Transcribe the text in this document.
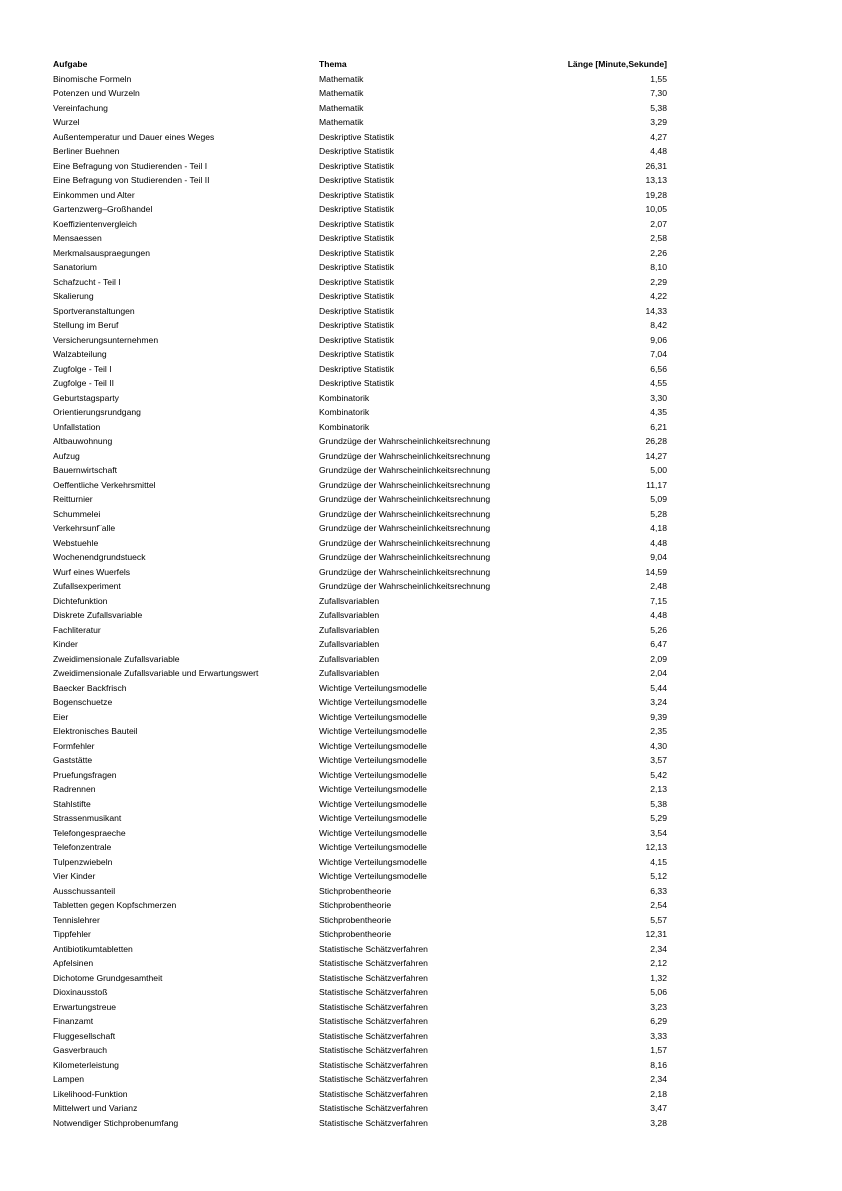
Aufgabe	Thema	Länge [Minute,Sekunde]
Binomische Formeln	Mathematik	1,55
Potenzen und Wurzeln	Mathematik	7,30
Vereinfachung	Mathematik	5,38
Wurzel	Mathematik	3,29
Außentemperatur und Dauer eines Weges	Deskriptive Statistik	4,27
Berliner Buehnen	Deskriptive Statistik	4,48
Eine Befragung von Studierenden - Teil I	Deskriptive Statistik	26,31
Eine Befragung von Studierenden - Teil II	Deskriptive Statistik	13,13
Einkommen und Alter	Deskriptive Statistik	19,28
Gartenzwerg–Großhandel	Deskriptive Statistik	10,05
Koeffizientenvergleich	Deskriptive Statistik	2,07
Mensaessen	Deskriptive Statistik	2,58
Merkmalsauspraegungen	Deskriptive Statistik	2,26
Sanatorium	Deskriptive Statistik	8,10
Schafzucht - Teil I	Deskriptive Statistik	2,29
Skalierung	Deskriptive Statistik	4,22
Sportveranstaltungen	Deskriptive Statistik	14,33
Stellung im Beruf	Deskriptive Statistik	8,42
Versicherungsunternehmen	Deskriptive Statistik	9,06
Walzabteilung	Deskriptive Statistik	7,04
Zugfolge - Teil I	Deskriptive Statistik	6,56
Zugfolge - Teil II	Deskriptive Statistik	4,55
Geburtstagsparty	Kombinatorik	3,30
Orientierungsrundgang	Kombinatorik	4,35
Unfallstation	Kombinatorik	6,21
Altbauwohnung	Grundzüge der Wahrscheinlichkeitsrechnung	26,28
Aufzug	Grundzüge der Wahrscheinlichkeitsrechnung	14,27
Bauernwirtschaft	Grundzüge der Wahrscheinlichkeitsrechnung	5,00
Oeffentliche Verkehrsmittel	Grundzüge der Wahrscheinlichkeitsrechnung	11,17
Reitturnier	Grundzüge der Wahrscheinlichkeitsrechnung	5,09
Schummelei	Grundzüge der Wahrscheinlichkeitsrechnung	5,28
Verkehrsunf¨alle	Grundzüge der Wahrscheinlichkeitsrechnung	4,18
Webstuehle	Grundzüge der Wahrscheinlichkeitsrechnung	4,48
Wochenendgrundstueck	Grundzüge der Wahrscheinlichkeitsrechnung	9,04
Wurf eines Wuerfels	Grundzüge der Wahrscheinlichkeitsrechnung	14,59
Zufallsexperiment	Grundzüge der Wahrscheinlichkeitsrechnung	2,48
Dichtefunktion	Zufallsvariablen	7,15
Diskrete Zufallsvariable	Zufallsvariablen	4,48
Fachliteratur	Zufallsvariablen	5,26
Kinder	Zufallsvariablen	6,47
Zweidimensionale Zufallsvariable	Zufallsvariablen	2,09
Zweidimensionale Zufallsvariable und Erwartungswert	Zufallsvariablen	2,04
Baecker Backfrisch	Wichtige Verteilungsmodelle	5,44
Bogenschuetze	Wichtige Verteilungsmodelle	3,24
Eier	Wichtige Verteilungsmodelle	9,39
Elektronisches Bauteil	Wichtige Verteilungsmodelle	2,35
Formfehler	Wichtige Verteilungsmodelle	4,30
Gaststätte	Wichtige Verteilungsmodelle	3,57
Pruefungsfragen	Wichtige Verteilungsmodelle	5,42
Radrennen	Wichtige Verteilungsmodelle	2,13
Stahlstifte	Wichtige Verteilungsmodelle	5,38
Strassenmusikant	Wichtige Verteilungsmodelle	5,29
Telefongespraeche	Wichtige Verteilungsmodelle	3,54
Telefonzentrale	Wichtige Verteilungsmodelle	12,13
Tulpenzwiebeln	Wichtige Verteilungsmodelle	4,15
Vier Kinder	Wichtige Verteilungsmodelle	5,12
Ausschussanteil	Stichprobentheorie	6,33
Tabletten gegen Kopfschmerzen	Stichprobentheorie	2,54
Tennislehrer	Stichprobentheorie	5,57
Tippfehler	Stichprobentheorie	12,31
Antibiotikumtabletten	Statistische Schätzverfahren	2,34
Apfelsinen	Statistische Schätzverfahren	2,12
Dichotome Grundgesamtheit	Statistische Schätzverfahren	1,32
Dioxinausstoß	Statistische Schätzverfahren	5,06
Erwartungstreue	Statistische Schätzverfahren	3,23
Finanzamt	Statistische Schätzverfahren	6,29
Fluggesellschaft	Statistische Schätzverfahren	3,33
Gasverbrauch	Statistische Schätzverfahren	1,57
Kilometerleistung	Statistische Schätzverfahren	8,16
Lampen	Statistische Schätzverfahren	2,34
Likelihood-Funktion	Statistische Schätzverfahren	2,18
Mittelwert und Varianz	Statistische Schätzverfahren	3,47
Notwendiger Stichprobenumfang	Statistische Schätzverfahren	3,28
